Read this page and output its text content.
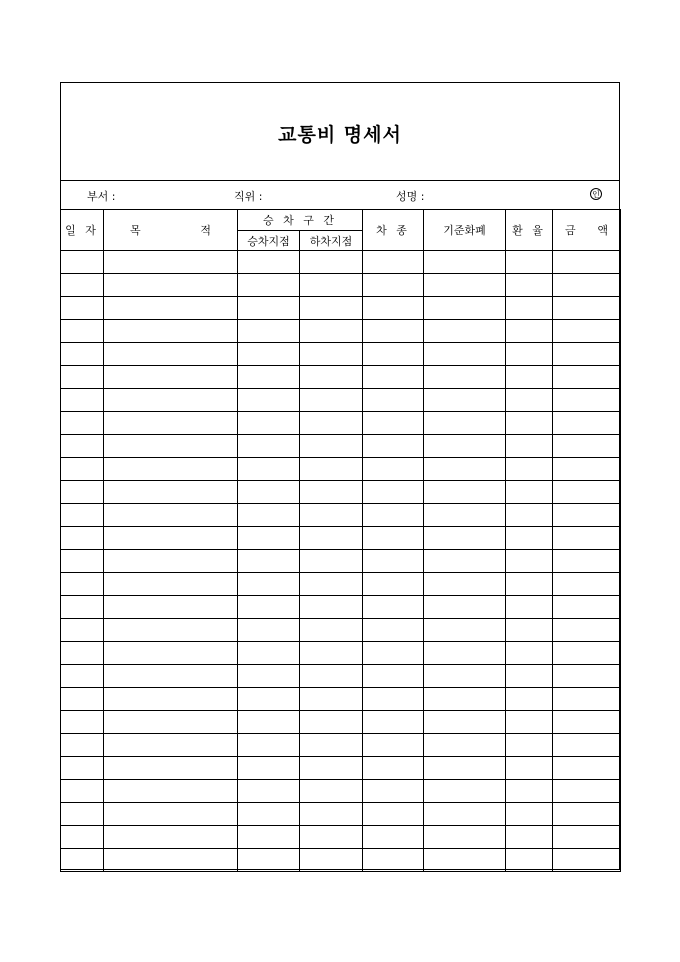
교통비 명세서
부서 :	직위 :	성명 :	인
일 자	목 적	승 차 구 간		차 종	기준화폐	환 율	금 액

		승차지점	하차지점				
